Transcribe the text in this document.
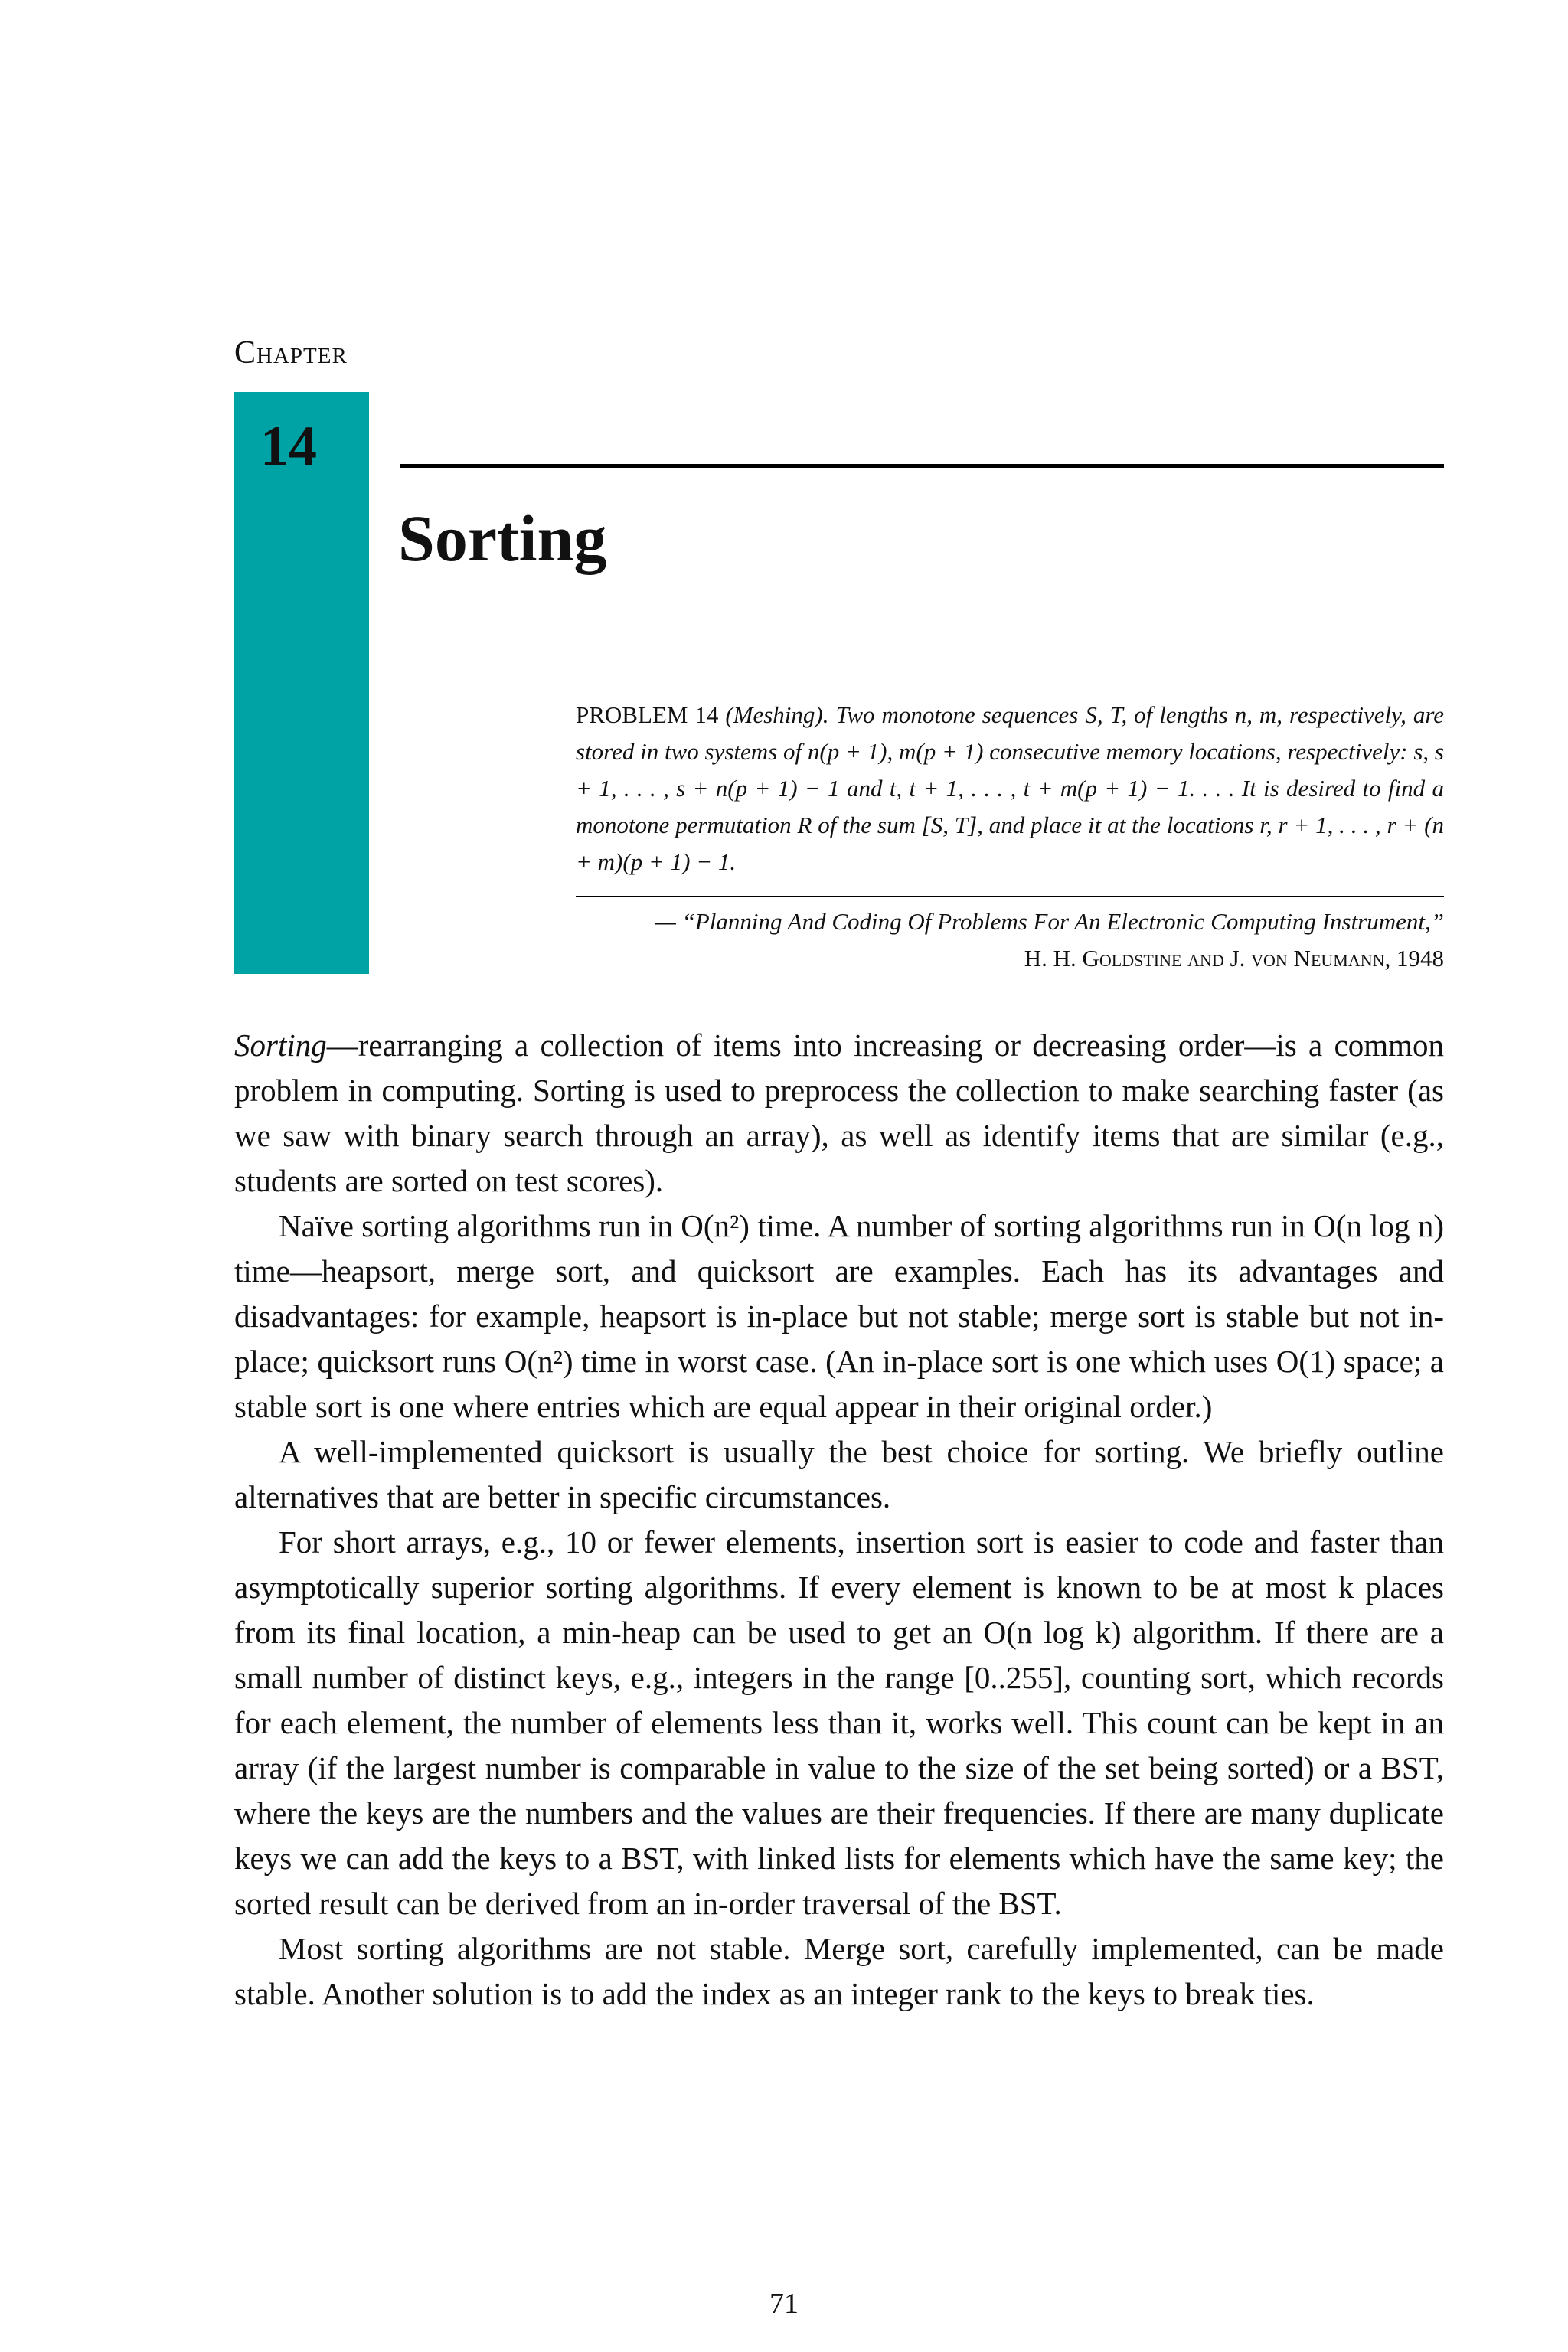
Chapter
14
Sorting
PROBLEM 14 (Meshing). Two monotone sequences S, T, of lengths n, m, respectively, are stored in two systems of n(p + 1), m(p + 1) consecutive memory locations, respectively: s, s + 1, . . . , s + n(p + 1) − 1 and t, t + 1, . . . , t + m(p + 1) − 1. . . . It is desired to find a monotone permutation R of the sum [S, T], and place it at the locations r, r + 1, . . . , r + (n + m)(p + 1) − 1.
— “Planning And Coding Of Problems For An Electronic Computing Instrument,”
H. H. Goldstine and J. von Neumann, 1948

Sorting—rearranging a collection of items into increasing or decreasing order—is a common problem in computing. Sorting is used to preprocess the collection to make searching faster (as we saw with binary search through an array), as well as identify items that are similar (e.g., students are sorted on test scores).

Naïve sorting algorithms run in O(n²) time. A number of sorting algorithms run in O(n log n) time—heapsort, merge sort, and quicksort are examples. Each has its advantages and disadvantages: for example, heapsort is in-place but not stable; merge sort is stable but not in-place; quicksort runs O(n²) time in worst case. (An in-place sort is one which uses O(1) space; a stable sort is one where entries which are equal appear in their original order.)

A well-implemented quicksort is usually the best choice for sorting. We briefly outline alternatives that are better in specific circumstances.

For short arrays, e.g., 10 or fewer elements, insertion sort is easier to code and faster than asymptotically superior sorting algorithms. If every element is known to be at most k places from its final location, a min-heap can be used to get an O(n log k) algorithm. If there are a small number of distinct keys, e.g., integers in the range [0..255], counting sort, which records for each element, the number of elements less than it, works well. This count can be kept in an array (if the largest number is comparable in value to the size of the set being sorted) or a BST, where the keys are the numbers and the values are their frequencies. If there are many duplicate keys we can add the keys to a BST, with linked lists for elements which have the same key; the sorted result can be derived from an in-order traversal of the BST.

Most sorting algorithms are not stable. Merge sort, carefully implemented, can be made stable. Another solution is to add the index as an integer rank to the keys to break ties.

71
